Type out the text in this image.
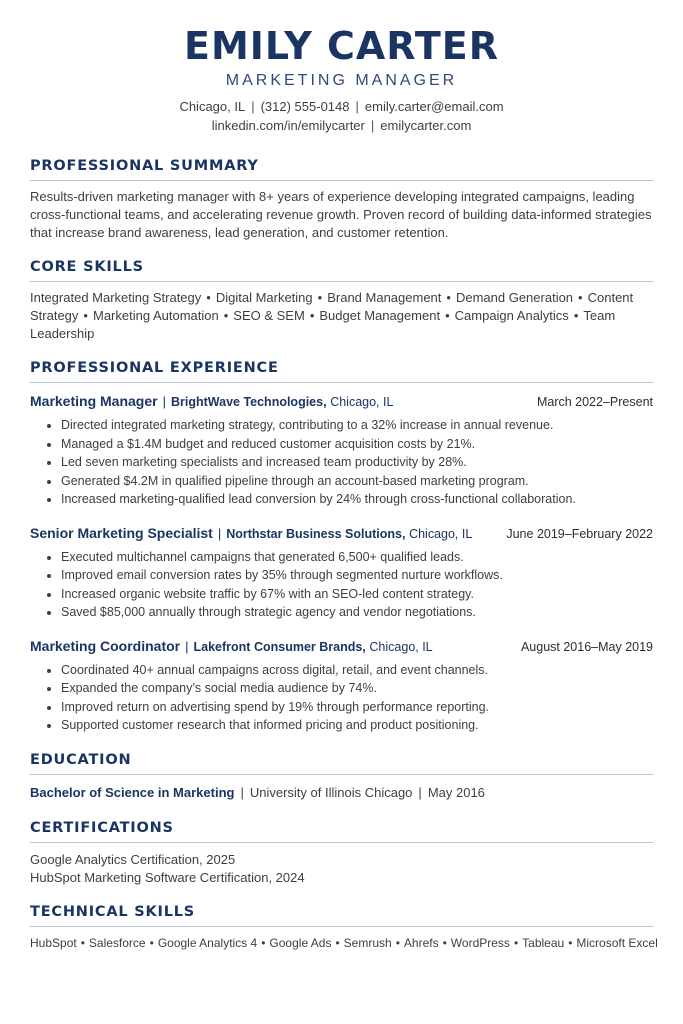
EMILY CARTER
MARKETING MANAGER
Chicago, IL | (312) 555-0148 | emily.carter@email.com
linkedin.com/in/emilycarter | emilycarter.com
PROFESSIONAL SUMMARY
Results-driven marketing manager with 8+ years of experience developing integrated campaigns, leading cross-functional teams, and accelerating revenue growth. Proven record of building data-informed strategies that increase brand awareness, lead generation, and customer retention.
CORE SKILLS
Integrated Marketing Strategy • Digital Marketing • Brand Management • Demand Generation • Content Strategy • Marketing Automation • SEO & SEM • Budget Management • Campaign Analytics • Team Leadership
PROFESSIONAL EXPERIENCE
Marketing Manager | BrightWave Technologies, Chicago, IL	March 2022–Present
• Directed integrated marketing strategy, contributing to a 32% increase in annual revenue.
• Managed a $1.4M budget and reduced customer acquisition costs by 21%.
• Led seven marketing specialists and increased team productivity by 28%.
• Generated $4.2M in qualified pipeline through an account-based marketing program.
• Increased marketing-qualified lead conversion by 24% through cross-functional collaboration.
Senior Marketing Specialist | Northstar Business Solutions, Chicago, IL	June 2019–February 2022
• Executed multichannel campaigns that generated 6,500+ qualified leads.
• Improved email conversion rates by 35% through segmented nurture workflows.
• Increased organic website traffic by 67% with an SEO-led content strategy.
• Saved $85,000 annually through strategic agency and vendor negotiations.
Marketing Coordinator | Lakefront Consumer Brands, Chicago, IL	August 2016–May 2019
• Coordinated 40+ annual campaigns across digital, retail, and event channels.
• Expanded the company’s social media audience by 74%.
• Improved return on advertising spend by 19% through performance reporting.
• Supported customer research that informed pricing and product positioning.
EDUCATION
Bachelor of Science in Marketing | University of Illinois Chicago | May 2016
CERTIFICATIONS
Google Analytics Certification, 2025
HubSpot Marketing Software Certification, 2024
TECHNICAL SKILLS
HubSpot • Salesforce • Google Analytics 4 • Google Ads • Semrush • Ahrefs • WordPress • Tableau • Microsoft Excel
